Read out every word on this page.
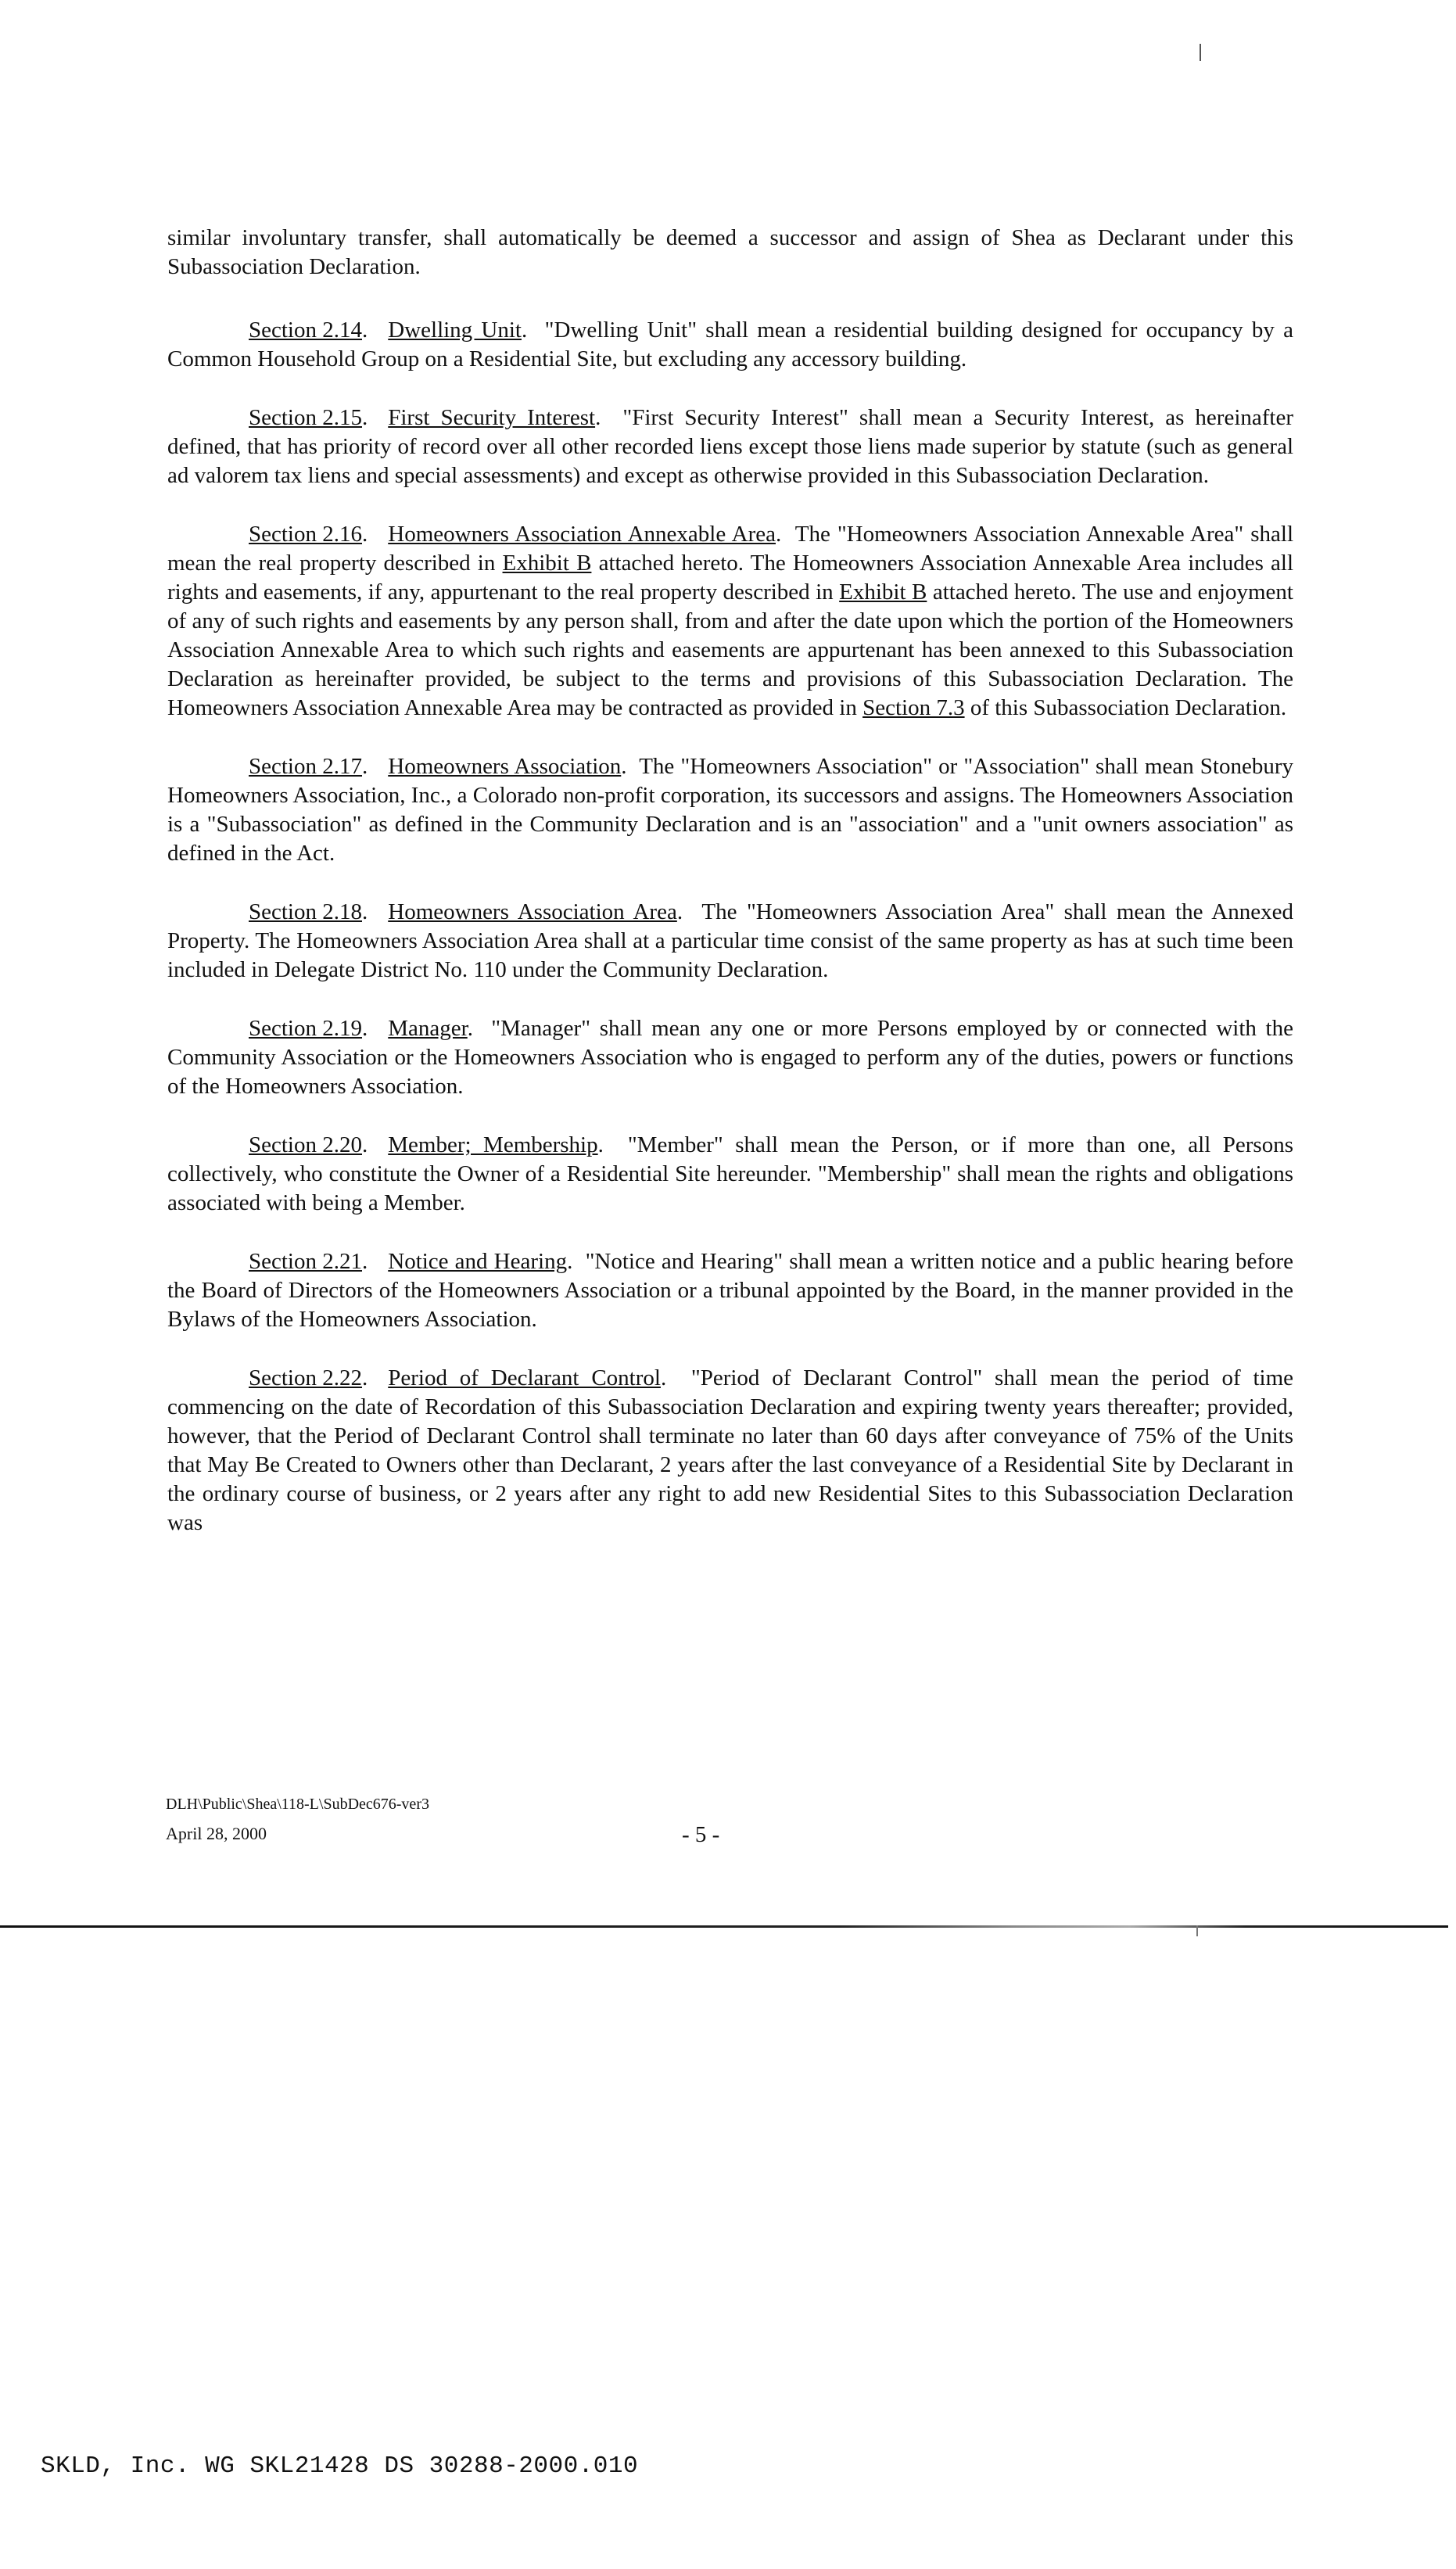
similar involuntary transfer, shall automatically be deemed a successor and assign of Shea as Declarant under this Subassociation Declaration.

Section 2.14. Dwelling Unit.  "Dwelling Unit" shall mean a residential building designed for occupancy by a Common Household Group on a Residential Site, but excluding any accessory building.

Section 2.15. First Security Interest.  "First Security Interest" shall mean a Security Interest, as hereinafter defined, that has priority of record over all other recorded liens except those liens made superior by statute (such as general ad valorem tax liens and special assessments) and except as otherwise provided in this Subassociation Declaration.

Section 2.16. Homeowners Association Annexable Area.  The "Homeowners Association Annexable Area" shall mean the real property described in Exhibit B attached hereto. The Homeowners Association Annexable Area includes all rights and easements, if any, appurtenant to the real property described in Exhibit B attached hereto. The use and enjoyment of any of such rights and easements by any person shall, from and after the date upon which the portion of the Homeowners Association Annexable Area to which such rights and easements are appurtenant has been annexed to this Subassociation Declaration as hereinafter provided, be subject to the terms and provisions of this Subassociation Declaration. The Homeowners Association Annexable Area may be contracted as provided in Section 7.3 of this Subassociation Declaration.

Section 2.17. Homeowners Association.  The "Homeowners Association" or "Association" shall mean Stonebury Homeowners Association, Inc., a Colorado non-profit corporation, its successors and assigns. The Homeowners Association is a "Subassociation" as defined in the Community Declaration and is an "association" and a "unit owners association" as defined in the Act.

Section 2.18. Homeowners Association Area.  The "Homeowners Association Area" shall mean the Annexed Property. The Homeowners Association Area shall at a particular time consist of the same property as has at such time been included in Delegate District No. 110 under the Community Declaration.

Section 2.19. Manager.  "Manager" shall mean any one or more Persons employed by or connected with the Community Association or the Homeowners Association who is engaged to perform any of the duties, powers or functions of the Homeowners Association.

Section 2.20. Member; Membership.  "Member" shall mean the Person, or if more than one, all Persons collectively, who constitute the Owner of a Residential Site hereunder. "Membership" shall mean the rights and obligations associated with being a Member.

Section 2.21. Notice and Hearing.  "Notice and Hearing" shall mean a written notice and a public hearing before the Board of Directors of the Homeowners Association or a tribunal appointed by the Board, in the manner provided in the Bylaws of the Homeowners Association.

Section 2.22. Period of Declarant Control.  "Period of Declarant Control" shall mean the period of time commencing on the date of Recordation of this Subassociation Declaration and expiring twenty years thereafter; provided, however, that the Period of Declarant Control shall terminate no later than 60 days after conveyance of 75% of the Units that May Be Created to Owners other than Declarant, 2 years after the last conveyance of a Residential Site by Declarant in the ordinary course of business, or 2 years after any right to add new Residential Sites to this Subassociation Declaration was

DLH\Public\Shea\118-L\SubDec676-ver3
April 28, 2000	- 5 -
SKLD, Inc. WG SKL21428 DS 30288-2000.010
